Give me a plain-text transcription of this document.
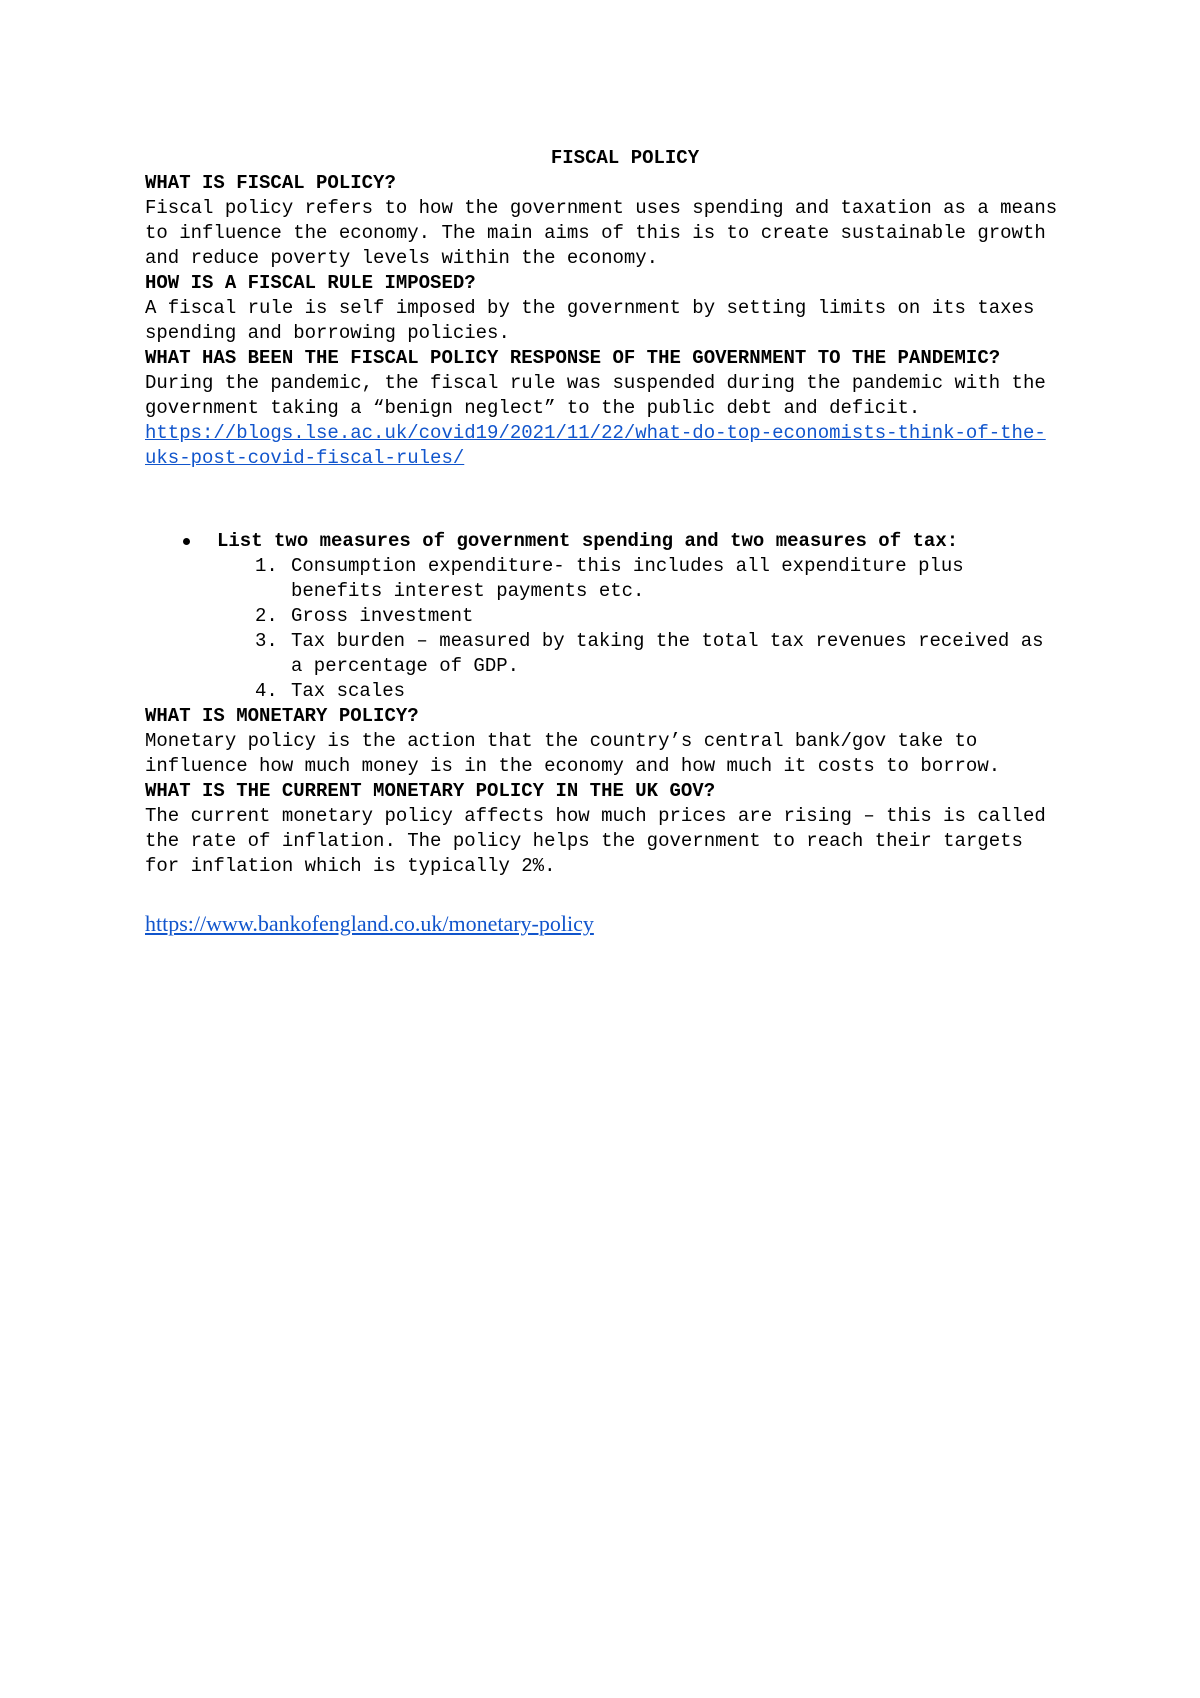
FISCAL POLICY

WHAT IS FISCAL POLICY?

Fiscal policy refers to how the government uses spending and taxation as a means to influence the economy. The main aims of this is to create sustainable growth and reduce poverty levels within the economy.

HOW IS A FISCAL RULE IMPOSED?

A fiscal rule is self imposed by the government by setting limits on its taxes spending and borrowing policies.

WHAT HAS BEEN THE FISCAL POLICY RESPONSE OF THE GOVERNMENT TO THE PANDEMIC?

During the pandemic, the fiscal rule was suspended during the pandemic with the government taking a “benign neglect” to the public debt and deficit. https://blogs.lse.ac.uk/covid19/2021/11/22/what-do-top-economists-think-of-the-uks-post-covid-fiscal-rules/

List two measures of government spending and two measures of tax:
1. Consumption expenditure- this includes all expenditure plus benefits interest payments etc.
2. Gross investment
3. Tax burden – measured by taking the total tax revenues received as a percentage of GDP.
4. Tax scales

WHAT IS MONETARY POLICY?

Monetary policy is the action that the country’s central bank/gov take to influence how much money is in the economy and how much it costs to borrow.

WHAT IS THE CURRENT MONETARY POLICY IN THE UK GOV?

The current monetary policy affects how much prices are rising – this is called the rate of inflation. The policy helps the government to reach their targets for inflation which is typically 2%.

https://www.bankofengland.co.uk/monetary-policy
